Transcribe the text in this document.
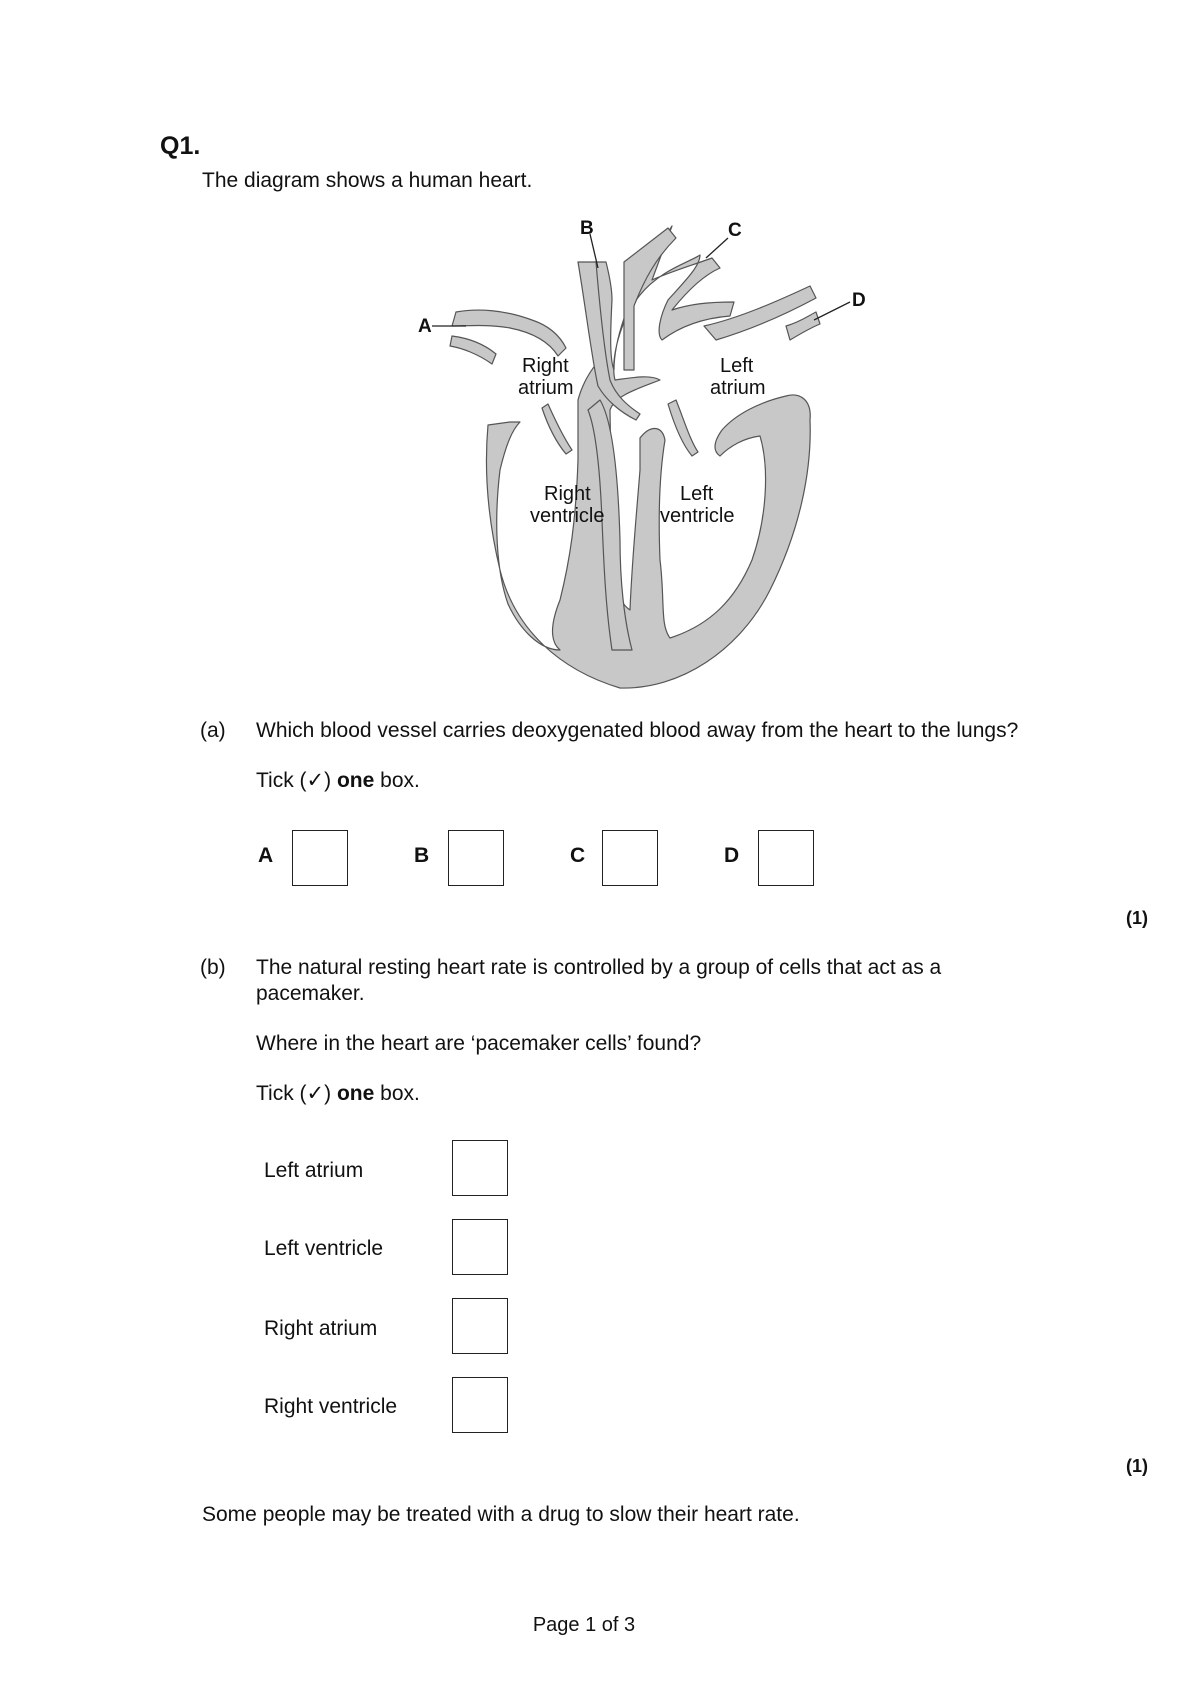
Q1.
The diagram shows a human heart.
A
B	C
D
Right
atrium
Left
atrium
Right
ventricle
Left
ventricle
(a) Which blood vessel carries deoxygenated blood away from the heart to the lungs?
Tick (✓) one box.
A	B	C	D
(1)
(b) The natural resting heart rate is controlled by a group of cells that act as a
pacemaker.
Where in the heart are ‘pacemaker cells’ found?
Tick (✓) one box.
Left atrium
Left ventricle
Right atrium
Right ventricle
(1)
Some people may be treated with a drug to slow their heart rate.
Page 1 of 3
